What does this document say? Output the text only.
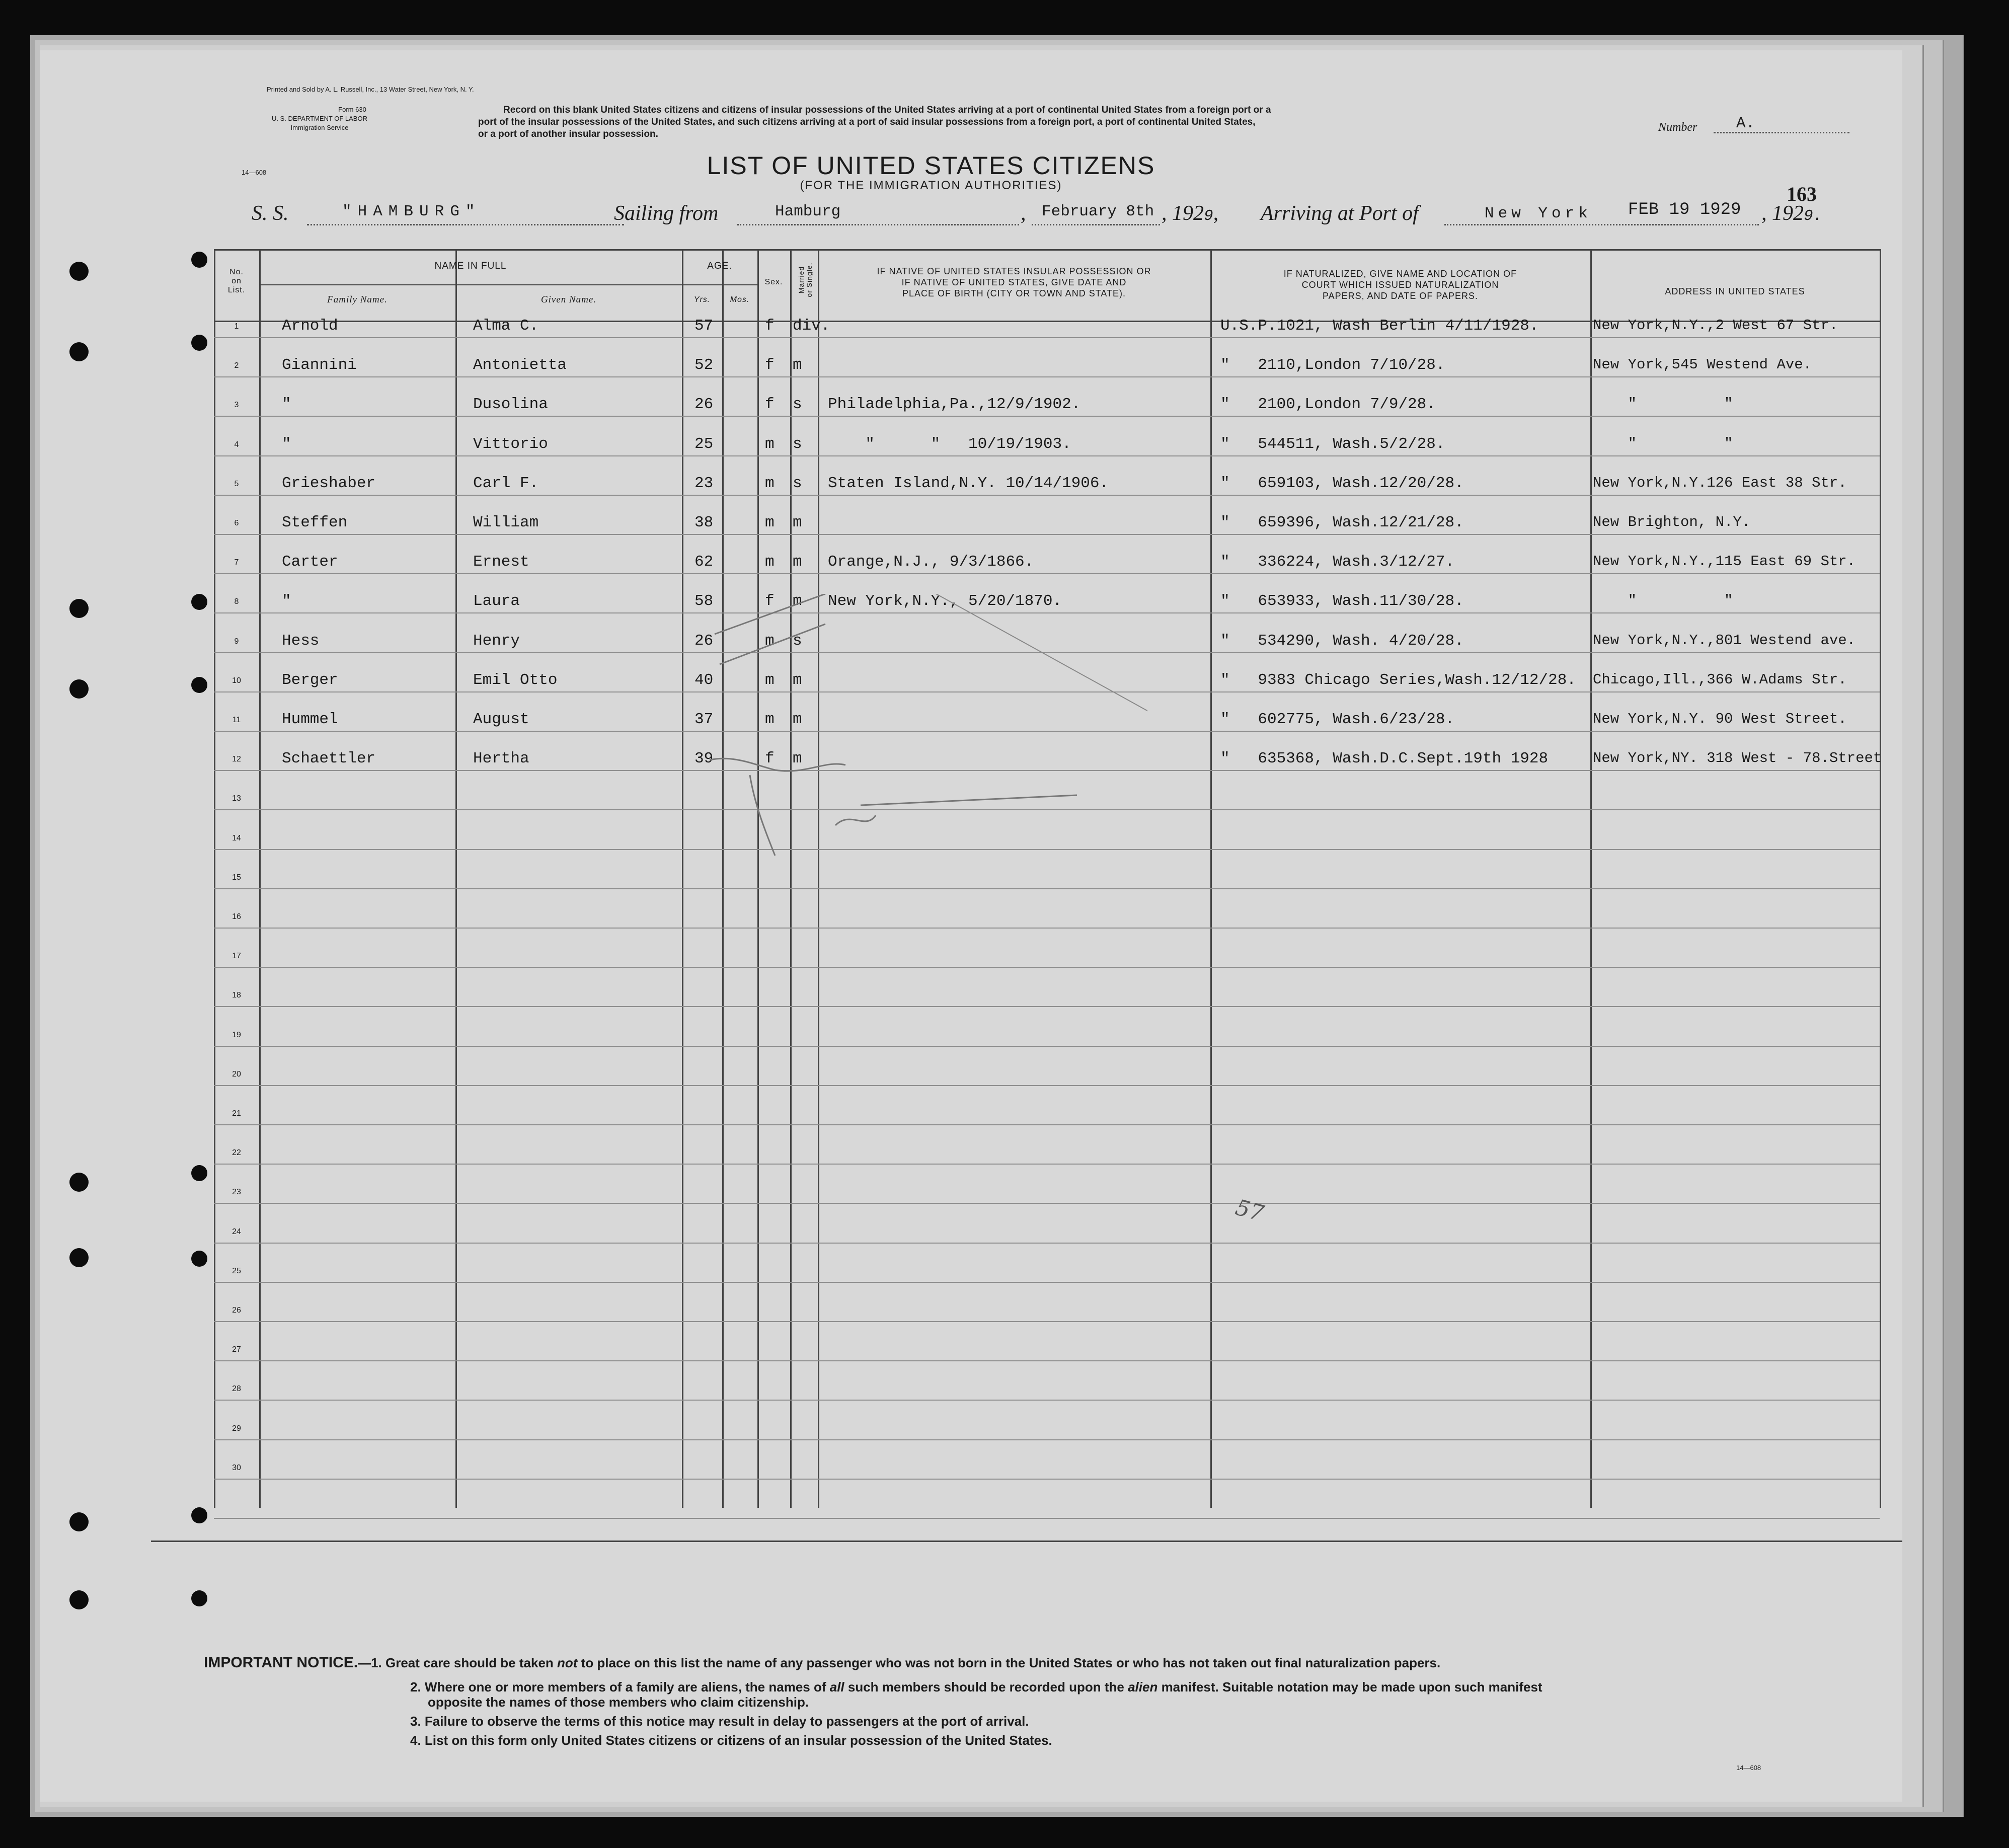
Printed and Sold by A. L. Russell, Inc., 13 Water Street, New York, N. Y.
Form 630
U. S. DEPARTMENT OF LABOR
Immigration Service
14—608
Record on this blank United States citizens and citizens of insular possessions of the United States arriving at a port of continental United States from a foreign port or a
port of the insular possessions of the United States, and such citizens arriving at a port of said insular possessions from a foreign port, a port of continental United States,
or a port of another insular possession.
Number	A.
LIST OF UNITED STATES CITIZENS
(FOR THE IMMIGRATION AUTHORITIES)	163
S. S.	"HAMBURG"	Sailing from	Hamburg	, February 8th , 1929, Arriving at Port of	New York FEB 19 1929 , 1929.
No.
on
List.
NAME IN FULL
Family Name.	Given Name.
AGE.
Yrs.	Mos.
Sex.	Married
or Single.	IF NATIVE OF UNITED STATES INSULAR POSSESSION OR
IF NATIVE OF UNITED STATES, GIVE DATE AND
PLACE OF BIRTH (CITY OR TOWN AND STATE).
IF NATURALIZED, GIVE NAME AND LOCATION OF
COURT WHICH ISSUED NATURALIZATION
PAPERS, AND DATE OF PAPERS.	ADDRESS IN UNITED STATES
1
2
3
4
5
6
7
8
9
10
11
12
13
14
15
16
17
18
19
20
21
22
23
24
25
26
27
28
29
30
Arnold	Alma C.	57	f div.	U.S.P.1021, Wash Berlin 4/11/1928.	New York,N.Y.,2 West 67 Str.
Giannini	Antonietta	52	f m	"   2110,London 7/10/28.	New York,545 Westend Ave.
"	Dusolina	26	f s Philadelphia,Pa.,12/9/1902.	"   2100,London 7/9/28.	"          "
"	Vittorio	25	m s "      "   10/19/1903.	"   544511, Wash.5/2/28.	"          "
Grieshaber	Carl F.	23	m s Staten Island,N.Y. 10/14/1906.	"   659103, Wash.12/20/28.	New York,N.Y.126 East 38 Str.
Steffen	William	38	m m	"   659396, Wash.12/21/28.	New Brighton, N.Y.
Carter	Ernest	62	m m Orange,N.J., 9/3/1866.	"   336224, Wash.3/12/27.	New York,N.Y.,115 East 69 Str.
"	Laura	58	f m New York,N.Y., 5/20/1870.	"   653933, Wash.11/30/28.	"          "
Hess	Henry	26	m s	"   534290, Wash. 4/20/28.	New York,N.Y.,801 Westend ave.
Berger	Emil Otto	40	m m	"   9383 Chicago Series,Wash.12/12/28. Chicago,Ill.,366 W.Adams Str.
Hummel	August	37	m m	"   602775, Wash.6/23/28.	New York,N.Y. 90 West Street.
Schaettler	Hertha	39	f m	"   635368, Wash.D.C.Sept.19th 1928	New York,NY. 318 West - 78.Street
57
IMPORTANT NOTICE.—1. Great care should be taken not to place on this list the name of any passenger who was not born in the United States or who has not taken out final naturalization papers.
2. Where one or more members of a family are aliens, the names of all such members should be recorded upon the alien manifest. Suitable notation may be made upon such manifest
opposite the names of those members who claim citizenship.
3. Failure to observe the terms of this notice may result in delay to passengers at the port of arrival.
4. List on this form only United States citizens or citizens of an insular possession of the United States.
14—608
